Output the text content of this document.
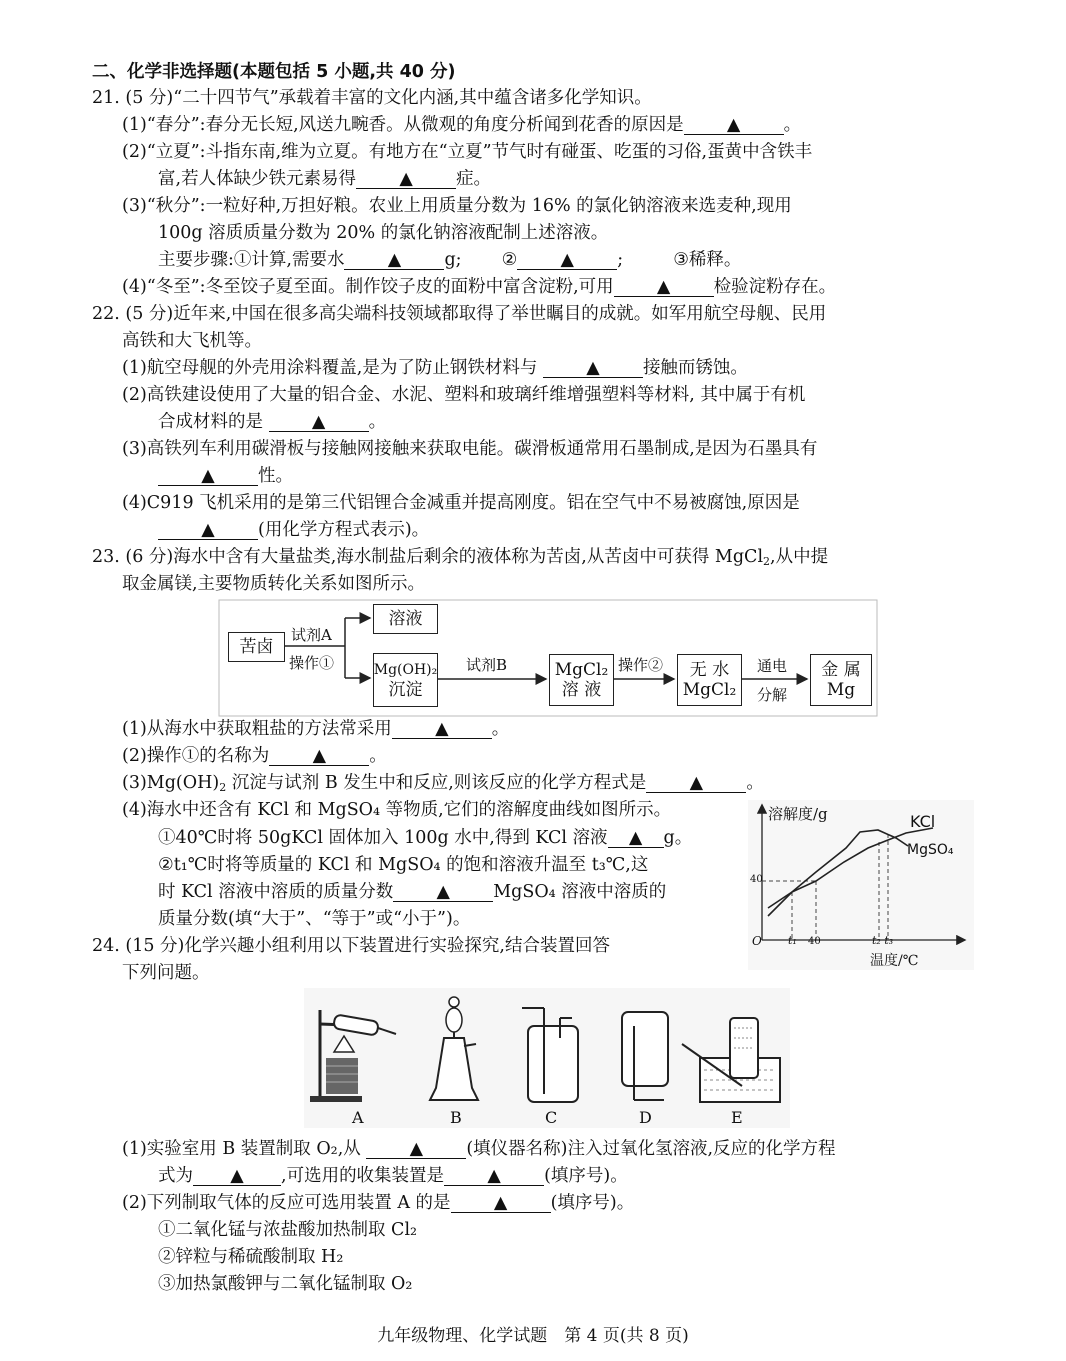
二、化学非选择题(本题包括 5 小题,共 40 分)
21. (5 分)“二十四节气”承载着丰富的文化内涵,其中蕴含诸多化学知识。
(1)“春分”:春分无长短,风送九畹香。从微观的角度分析闻到花香的原因是 ▲ 。
(2)“立夏”:斗指东南,维为立夏。有地方在“立夏”节气时有碰蛋、吃蛋的习俗,蛋黄中含铁丰
富,若人体缺少铁元素易得 ▲ 症。
(3)“秋分”:一粒好种,万担好粮。农业上用质量分数为 16% 的氯化钠溶液来选麦种,现用
100g 溶质质量分数为 20% 的氯化钠溶液配制上述溶液。
主要步骤:①计算,需要水 ▲ g; ② ▲ ;	③稀释。
(4)“冬至”:冬至饺子夏至面。制作饺子皮的面粉中富含淀粉,可用 ▲ 检验淀粉存在。
22. (5 分)近年来,中国在很多高尖端科技领域都取得了举世瞩目的成就。如军用航空母舰、民用
高铁和大飞机等。
(1)航空母舰的外壳用涂料覆盖,是为了防止钢铁材料与	▲ 接触而锈蚀。
(2)高铁建设使用了大量的铝合金、水泥、塑料和玻璃纤维增强塑料等材料, 其中属于有机
合成材料的是	▲ 。
(3)高铁列车利用碳滑板与接触网接触来获取电能。碳滑板通常用石墨制成,是因为石墨具有
▲ 性。
(4)C919 飞机采用的是第三代铝锂合金减重并提高刚度。铝在空气中不易被腐蚀,原因是
▲ (用化学方程式表示)。
23. (6 分)海水中含有大量盐类,海水制盐后剩余的液体称为苦卤,从苦卤中可获得 MgCl$_2$,从中提
取金属镁,主要物质转化关系如图所示。
苦卤
试剂A
操作①
溶液
Mg(OH)₂
沉淀
试剂B	MgCl₂
溶 液
操作② 无 水
MgCl₂
通电
分解
金 属
Mg
(1)从海水中获取粗盐的方法常采用 ▲ 。
(2)操作①的名称为 ▲ 。
$(3)Mg(OH)_2$ 沉淀与试剂 B 发生中和反应,则该反应的化学方程式是 ▲ 。
(4)海水中还含有 KCl 和 MgSO₄ 等物质,它们的溶解度曲线如图所示。
①40℃时将 50gKCl 固体加入 100g 水中,得到 KCl 溶液 ▲ g。
②t₁℃时将等质量的 KCl 和 MgSO₄ 的饱和溶液升温至 t₃℃,这
时 KCl 溶液中溶质的质量分数 ▲ MgSO₄ 溶液中溶质的
质量分数(填“大于”、“等于”或“小于”)。
溶解度/g	KCl
MgSO₄
40
O t₁ 40	t₂ t₃
温度/℃
24. (15 分)化学兴趣小组利用以下装置进行实验探究,结合装置回答
下列问题。
A	B	C	D	E
(1)实验室用 B 装置制取 O₂,从	▲ (填仪器名称)注入过氧化氢溶液,反应的化学方程
式为 ▲ ,可选用的收集装置是 ▲ (填序号)。
(2)下列制取气体的反应可选用装置 A 的是 ▲ (填序号)。
①二氧化锰与浓盐酸加热制取 Cl₂
②锌粒与稀硫酸制取 H₂
③加热氯酸钾与二氧化锰制取 O₂
九年级物理、化学试题　第 4 页(共 8 页)
